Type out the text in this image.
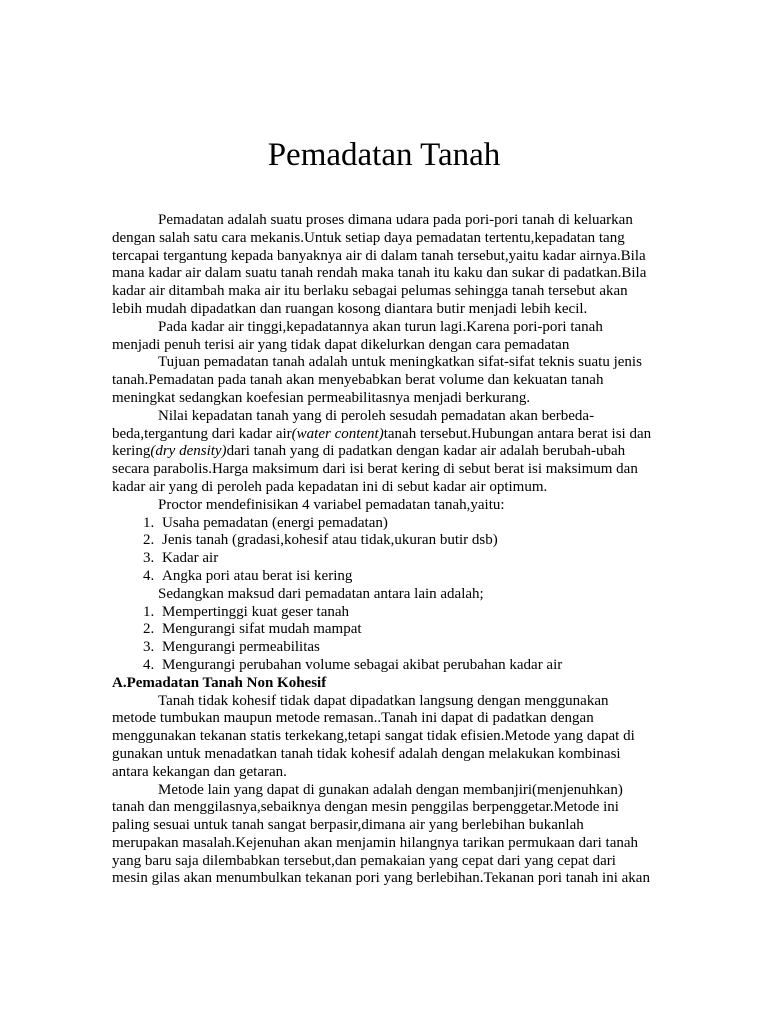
Pemadatan Tanah

Pemadatan adalah suatu proses dimana udara pada pori-pori tanah di keluarkan dengan salah satu cara mekanis.Untuk setiap daya pemadatan tertentu,kepadatan tang tercapai tergantung kepada banyaknya air di dalam tanah tersebut,yaitu kadar airnya.Bila mana kadar air dalam suatu tanah rendah maka tanah itu kaku dan sukar di padatkan.Bila kadar air ditambah maka air itu berlaku sebagai pelumas sehingga tanah tersebut akan lebih mudah dipadatkan dan ruangan kosong diantara butir menjadi lebih kecil.

Pada kadar air tinggi,kepadatannya akan turun lagi.Karena pori-pori tanah menjadi penuh terisi air yang tidak dapat dikelurkan dengan cara pemadatan

Tujuan pemadatan tanah adalah untuk meningkatkan sifat-sifat teknis suatu jenis tanah.Pemadatan pada tanah akan menyebabkan berat volume dan kekuatan tanah meningkat sedangkan koefesian permeabilitasnya menjadi berkurang.

Nilai kepadatan tanah yang di peroleh sesudah pemadatan akan berbeda-beda,tergantung dari kadar air(water content)tanah tersebut.Hubungan antara berat isi dan kering(dry density)dari tanah yang di padatkan dengan kadar air adalah berubah-ubah secara parabolis.Harga maksimum dari isi berat kering di sebut berat isi maksimum dan kadar air yang di peroleh pada kepadatan ini di sebut kadar air optimum.

Proctor mendefinisikan 4 variabel pemadatan tanah,yaitu:

1. Usaha pemadatan (energi pemadatan)
2. Jenis tanah (gradasi,kohesif atau tidak,ukuran butir dsb)
3. Kadar air
4. Angka pori atau berat isi kering

Sedangkan maksud dari pemadatan antara lain adalah;

1. Mempertinggi kuat geser tanah
2. Mengurangi sifat mudah mampat
3. Mengurangi permeabilitas
4. Mengurangi perubahan volume sebagai akibat perubahan kadar air

A.Pemadatan Tanah Non Kohesif

Tanah tidak kohesif tidak dapat dipadatkan langsung dengan menggunakan metode tumbukan maupun metode remasan..Tanah ini dapat di padatkan dengan menggunakan tekanan statis terkekang,tetapi sangat tidak efisien.Metode yang dapat di gunakan untuk menadatkan tanah tidak kohesif adalah dengan melakukan kombinasi antara kekangan dan getaran.

Metode lain yang dapat di gunakan adalah dengan membanjiri(menjenuhkan) tanah dan menggilasnya,sebaiknya dengan mesin penggilas berpenggetar.Metode ini paling sesuai untuk tanah sangat berpasir,dimana air yang berlebihan bukanlah merupakan masalah.Kejenuhan akan menjamin hilangnya tarikan permukaan dari tanah yang baru saja dilembabkan tersebut,dan pemakaian yang cepat dari yang cepat dari mesin gilas akan menumbulkan tekanan pori yang berlebihan.Tekanan pori tanah ini akan
